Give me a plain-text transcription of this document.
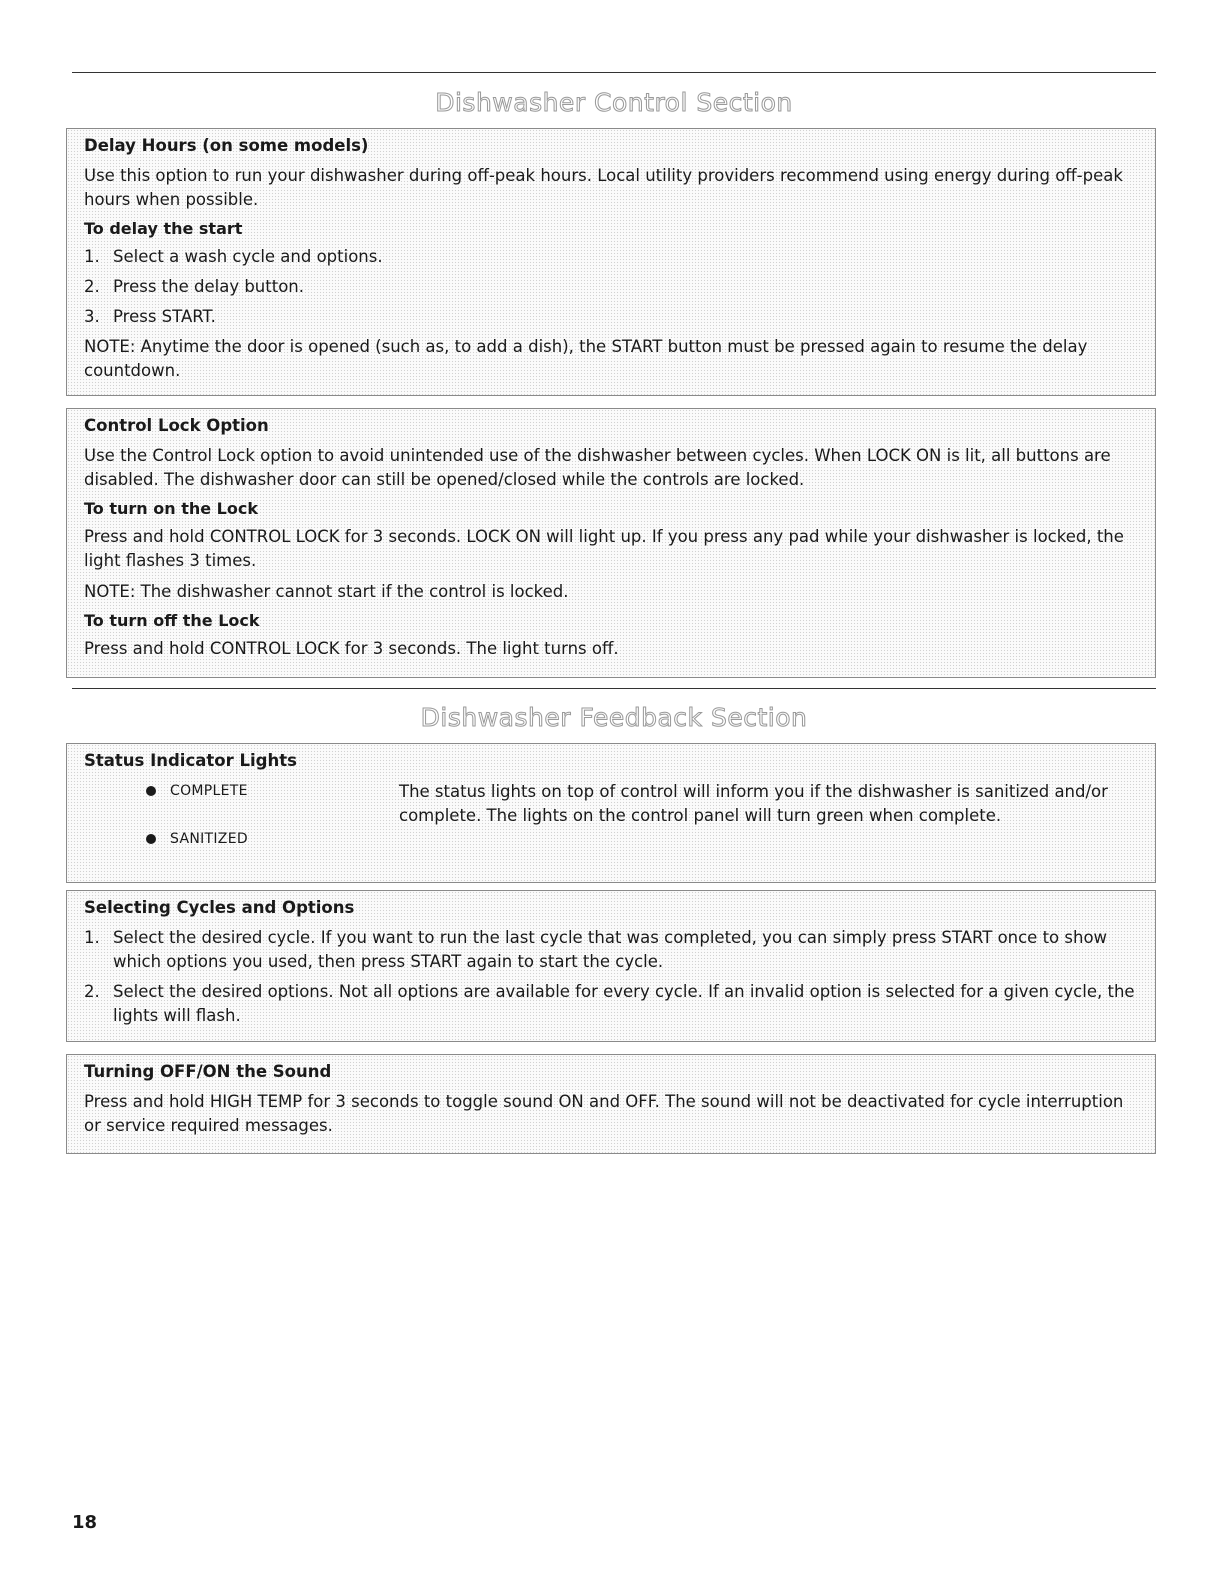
Dishwasher Control Section
Delay Hours (on some models)

Use this option to run your dishwasher during off-peak hours. Local utility providers recommend using energy during off-peak hours when possible.

To delay the start
1. Select a wash cycle and options.
2. Press the delay button.
3. Press START.

NOTE: Anytime the door is opened (such as, to add a dish), the START button must be pressed again to resume the delay countdown.

Control Lock Option

Use the Control Lock option to avoid unintended use of the dishwasher between cycles. When LOCK ON is lit, all buttons are disabled. The dishwasher door can still be opened/closed while the controls are locked.

To turn on the Lock

Press and hold CONTROL LOCK for 3 seconds. LOCK ON will light up. If you press any pad while your dishwasher is locked, the light flashes 3 times.

NOTE: The dishwasher cannot start if the control is locked.

To turn off the Lock

Press and hold CONTROL LOCK for 3 seconds. The light turns off.

Dishwasher Feedback Section
Status Indicator Lights
COMPLETE
SANITIZED
The status lights on top of control will inform you if the dishwasher is sanitized and/or complete. The lights on the control panel will turn green when complete.
Selecting Cycles and Options
1. Select the desired cycle. If you want to run the last cycle that was completed, you can simply press START once to show which options you used, then press START again to start the cycle.
2. Select the desired options. Not all options are available for every cycle. If an invalid option is selected for a given cycle, the lights will flash.
Turning OFF/ON the Sound

Press and hold HIGH TEMP for 3 seconds to toggle sound ON and OFF. The sound will not be deactivated for cycle interruption or service required messages.

18
